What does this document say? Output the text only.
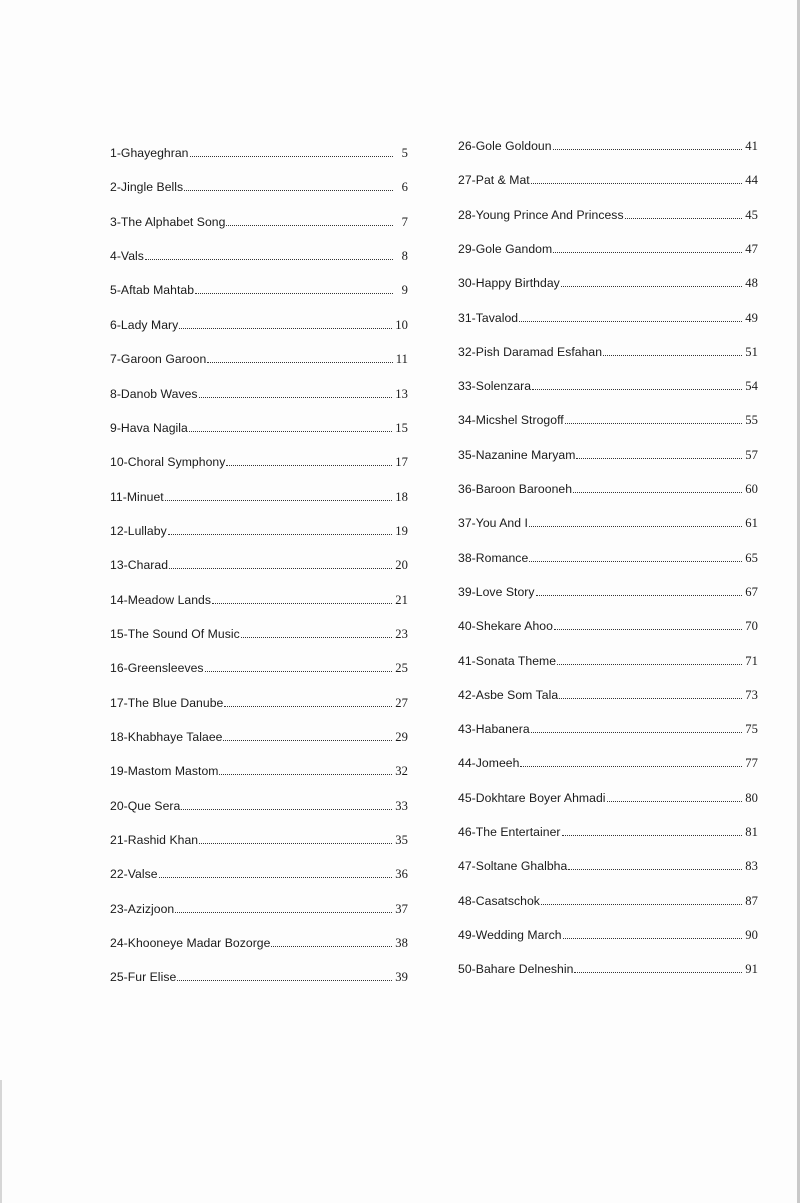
1-Ghayeghran	5
2-Jingle Bells	6
3-The Alphabet Song	7
4-Vals	8
5-Aftab Mahtab	9
6-Lady Mary	10
7-Garoon Garoon	11
8-Danob Waves	13
9-Hava Nagila	15
10-Choral Symphony	17
11-Minuet	18
12-Lullaby	19
13-Charad	20
14-Meadow Lands	21
15-The Sound Of Music	23
16-Greensleeves	25
17-The Blue Danube	27
18-Khabhaye Talaee	29
19-Mastom Mastom	32
20-Que Sera	33
21-Rashid Khan	35
22-Valse	36
23-Azizjoon	37
24-Khooneye Madar Bozorge	38
25-Fur Elise	39
26-Gole Goldoun	41
27-Pat & Mat	44
28-Young Prince And Princess	45
29-Gole Gandom	47
30-Happy Birthday	48
31-Tavalod	49
32-Pish Daramad Esfahan	51
33-Solenzara	54
34-Micshel Strogoff	55
35-Nazanine Maryam	57
36-Baroon Barooneh	60
37-You And I	61
38-Romance	65
39-Love Story	67
40-Shekare Ahoo	70
41-Sonata Theme	71
42-Asbe Som Tala	73
43-Habanera	75
44-Jomeeh	77
45-Dokhtare Boyer Ahmadi	80
46-The Entertainer	81
47-Soltane Ghalbha	83
48-Casatschok	87
49-Wedding March	90
50-Bahare Delneshin	91
